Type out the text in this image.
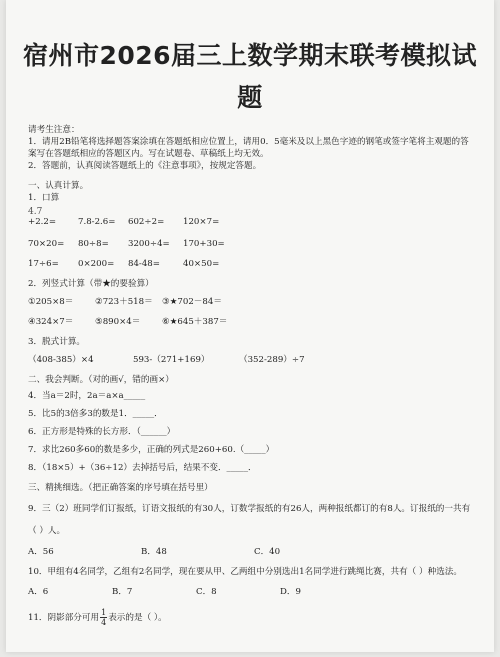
宿州市2026届三上数学期末联考模拟试
题
请考生注意：
1．请用2B铅笔将选择题答案涂填在答题纸相应位置上，请用0．5毫米及以上黑色字迹的钢笔或签字笔将主观题的答案写在答题纸相应的答题区内。写在试题卷、草稿纸上均无效。
2．答题前，认真阅读答题纸上的《注意事项》，按规定答题。
一、认真计算。
1．口算
4.7
+2.2=	7.8-2.6=	602÷2=	120×7=
70×20=	80÷8=	3200÷4=	170+30=
17÷6=	0×200=	84-48=	40×50=
2．列竖式计算（带★的要验算）
①205×8＝	②723＋518＝	③★702－84＝
④324×7＝	⑤890×4＝	⑥★645＋387＝
3．脱式计算。
（408-385）×4	593-（271+169）	（352-289）÷7
二、我会判断。（对的画√，错的画×）
4．当a＝2时，2a＝a×a_____
5．比5的3倍多3的数是1．_____．
6．正方形是特殊的长方形．（______）
7．求比260多60的数是多少，正确的列式是260+60.（_____）
8．（18×5）+（36÷12）去掉括号后，结果不变．_____．
三、精挑细选。（把正确答案的序号填在括号里）
9．三（2）班同学们订报纸，订语文报纸的有30人，订数学报纸的有26人，两种报纸都订的有8人。订报纸的一共有（ ）人。
A．56	B．48	C．40
10．甲组有4名同学，乙组有2名同学，现在要从甲、乙两组中分别选出1名同学进行跳绳比赛，共有（ ）种选法。
A．6	B．7	C．8	D．9
11．阴影部分可用 $\frac{1}{4}$ 表示的是（ ）。
